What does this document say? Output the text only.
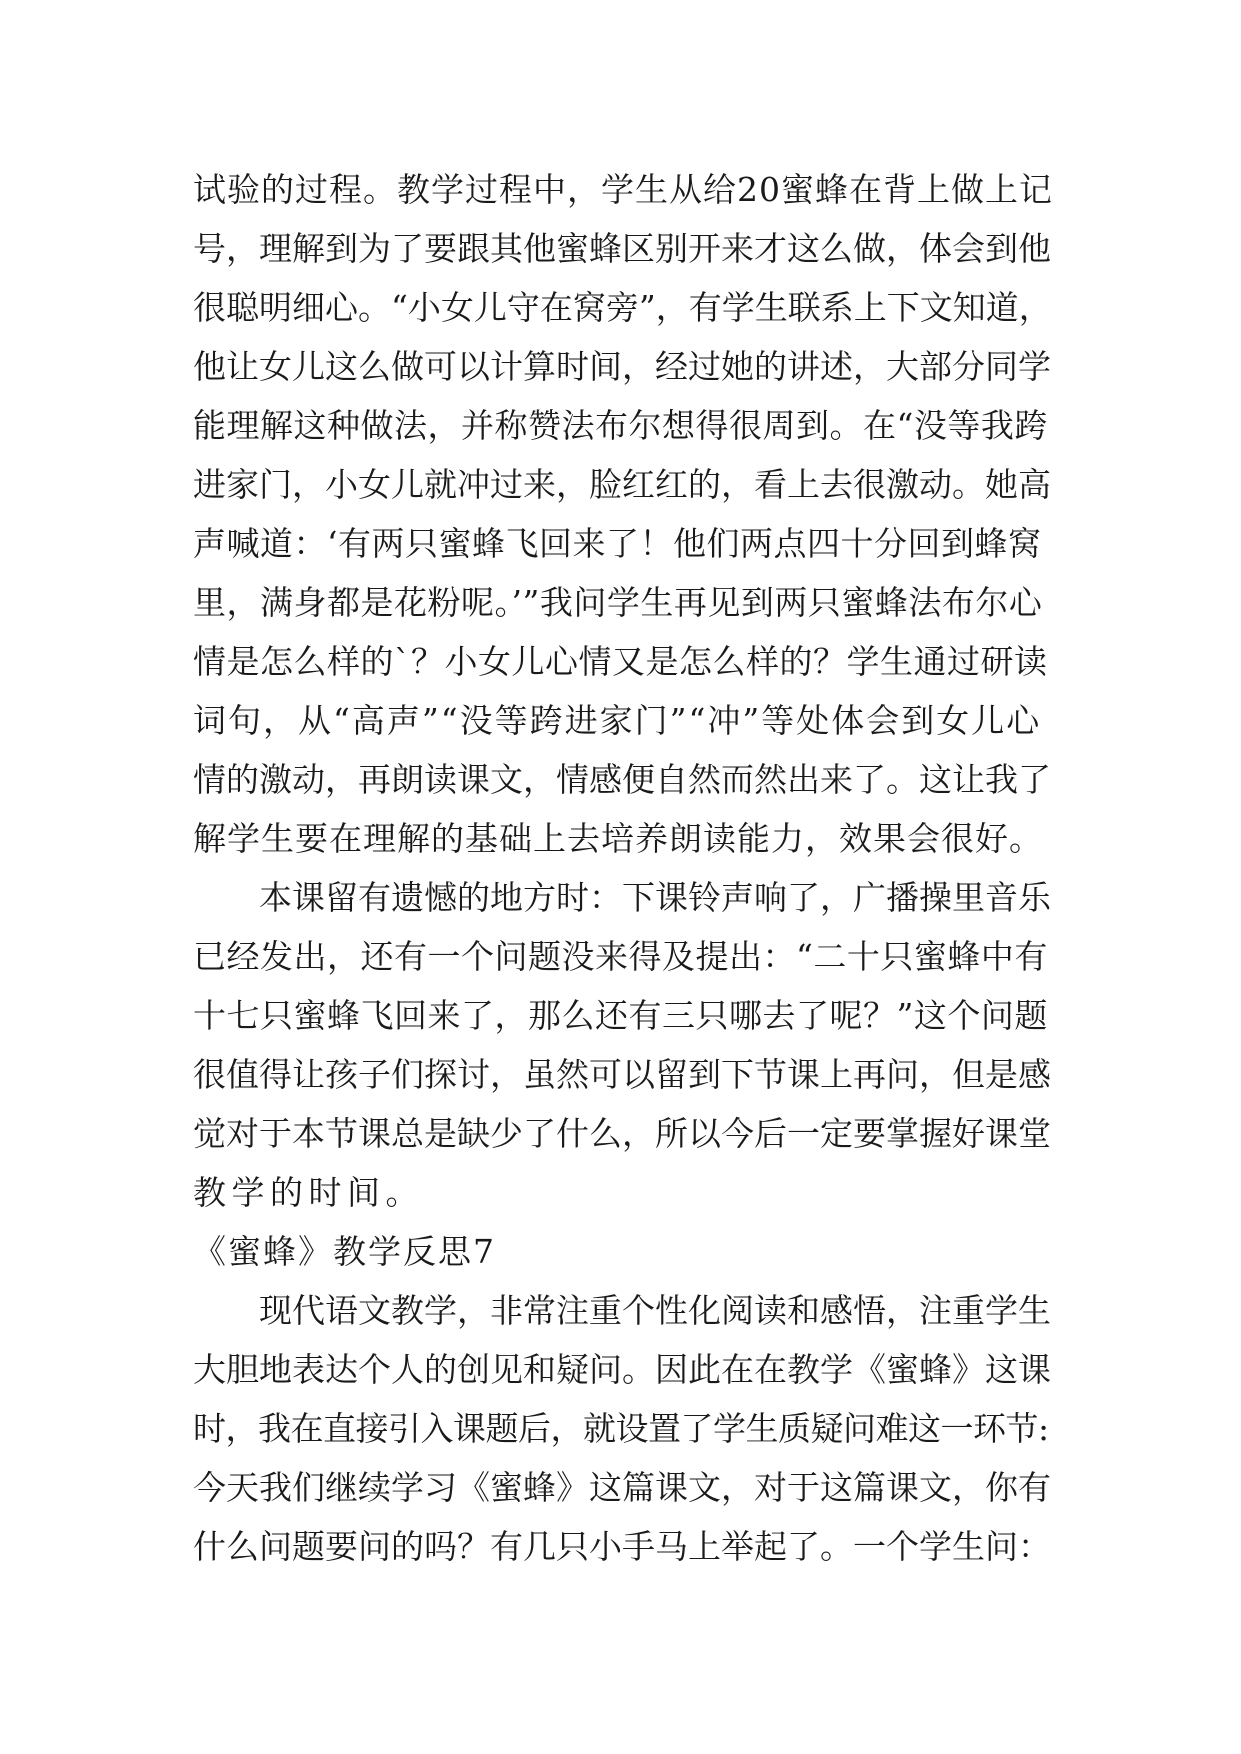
试验的过程。教学过程中，学生从给20蜜蜂在背上做上记
号，理解到为了要跟其他蜜蜂区别开来才这么做，体会到他
很聪明细心。“小女儿守在窝旁”，有学生联系上下文知道，
他让女儿这么做可以计算时间，经过她的讲述，大部分同学
能理解这种做法，并称赞法布尔想得很周到。在“没等我跨
进家门，小女儿就冲过来，脸红红的，看上去很激动。她高
声喊道：‘有两只蜜蜂飞回来了！他们两点四十分回到蜂窝
里，满身都是花粉呢。’”我问学生再见到两只蜜蜂法布尔心
情是怎么样的`？小女儿心情又是怎么样的？学生通过研读
词句，从“高声”“没等跨进家门”“冲”等处体会到女儿心
情的激动，再朗读课文，情感便自然而然出来了。这让我了
解学生要在理解的基础上去培养朗读能力，效果会很好。
本课留有遗憾的地方时：下课铃声响了，广播操里音乐
已经发出，还有一个问题没来得及提出：“二十只蜜蜂中有
十七只蜜蜂飞回来了，那么还有三只哪去了呢？”这个问题
很值得让孩子们探讨，虽然可以留到下节课上再问，但是感
觉对于本节课总是缺少了什么，所以今后一定要掌握好课堂
教学的时间。
《蜜蜂》教学反思7
现代语文教学，非常注重个性化阅读和感悟，注重学生
大胆地表达个人的创见和疑问。因此在在教学《蜜蜂》这课
时，我在直接引入课题后，就设置了学生质疑问难这一环节:
今天我们继续学习《蜜蜂》这篇课文，对于这篇课文，你有
什么问题要问的吗？有几只小手马上举起了。一个学生问：
